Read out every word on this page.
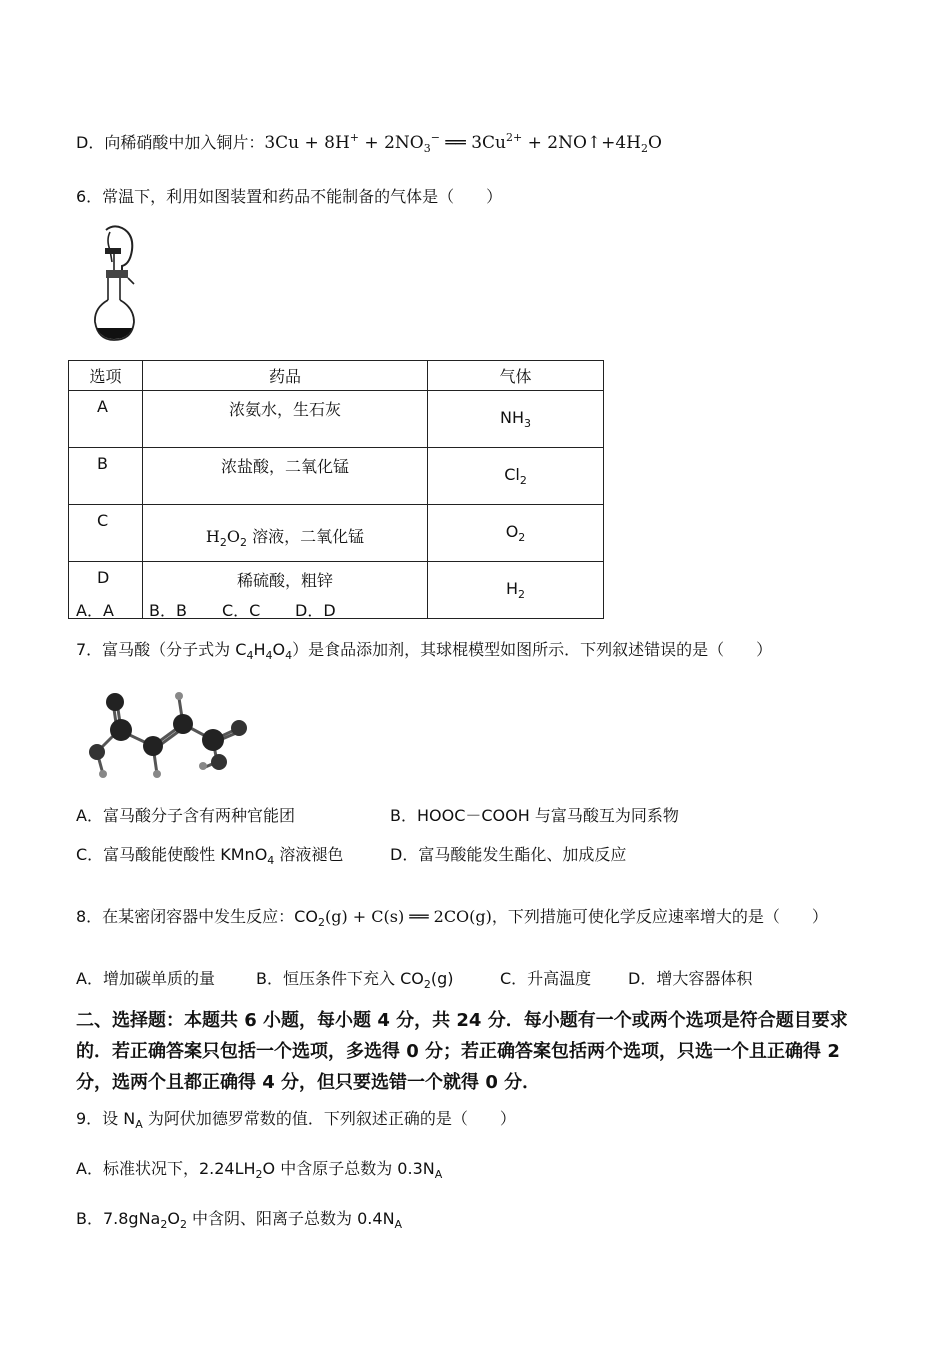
D．向稀硝酸中加入铜片：$3Cu + 8H^+ + 2NO_3^-$ ══ $3Cu^{2+}$ + $2NO↑+4H_2O$
6．常温下，利用如图装置和药品不能制备的气体是（　　）
选项	药品	气体
A	浓氨水，生石灰	$NH_3$
B	浓盐酸，二氧化锰	$Cl_2$
C	$H_2O_2$ 溶液，二氧化锰	$O_2$
D	稀硫酸，粗锌	$H_2$
A．A B．B C．C D．D
7．富马酸（分子式为 $C_4H_4O_4$）是食品添加剂，其球棍模型如图所示．下列叙述错误的是（　　）
A．富马酸分子含有两种官能团	B．HOOC－COOH 与富马酸互为同系物
C．富马酸能使酸性 KMnO$_4$ 溶液褪色	D．富马酸能发生酯化、加成反应
8．在某密闭容器中发生反应：$CO_2(g) + C(s)$ ══ 2CO(g)，下列措施可使化学反应速率增大的是（　　）
A．增加碳单质的量	B．恒压条件下充入 $CO_2(g)$	C．升高温度 D．增大容器体积
二、选择题：本题共 6 小题，每小题 4 分，共 24 分．每小题有一个或两个选项是符合题目要求
的．若正确答案只包括一个选项，多选得 0 分；若正确答案包括两个选项，只选一个且正确得 2
分，选两个且都正确得 4 分，但只要选错一个就得 0 分．
9．设 $N_A$ 为阿伏加德罗常数的值．下列叙述正确的是（　　）
A．标准状况下，$2.24LH_2O$ 中含原子总数为 $0.3N_A$
B．$7.8gNa_2O_2$ 中含阴、阳离子总数为 $0.4N_A$
